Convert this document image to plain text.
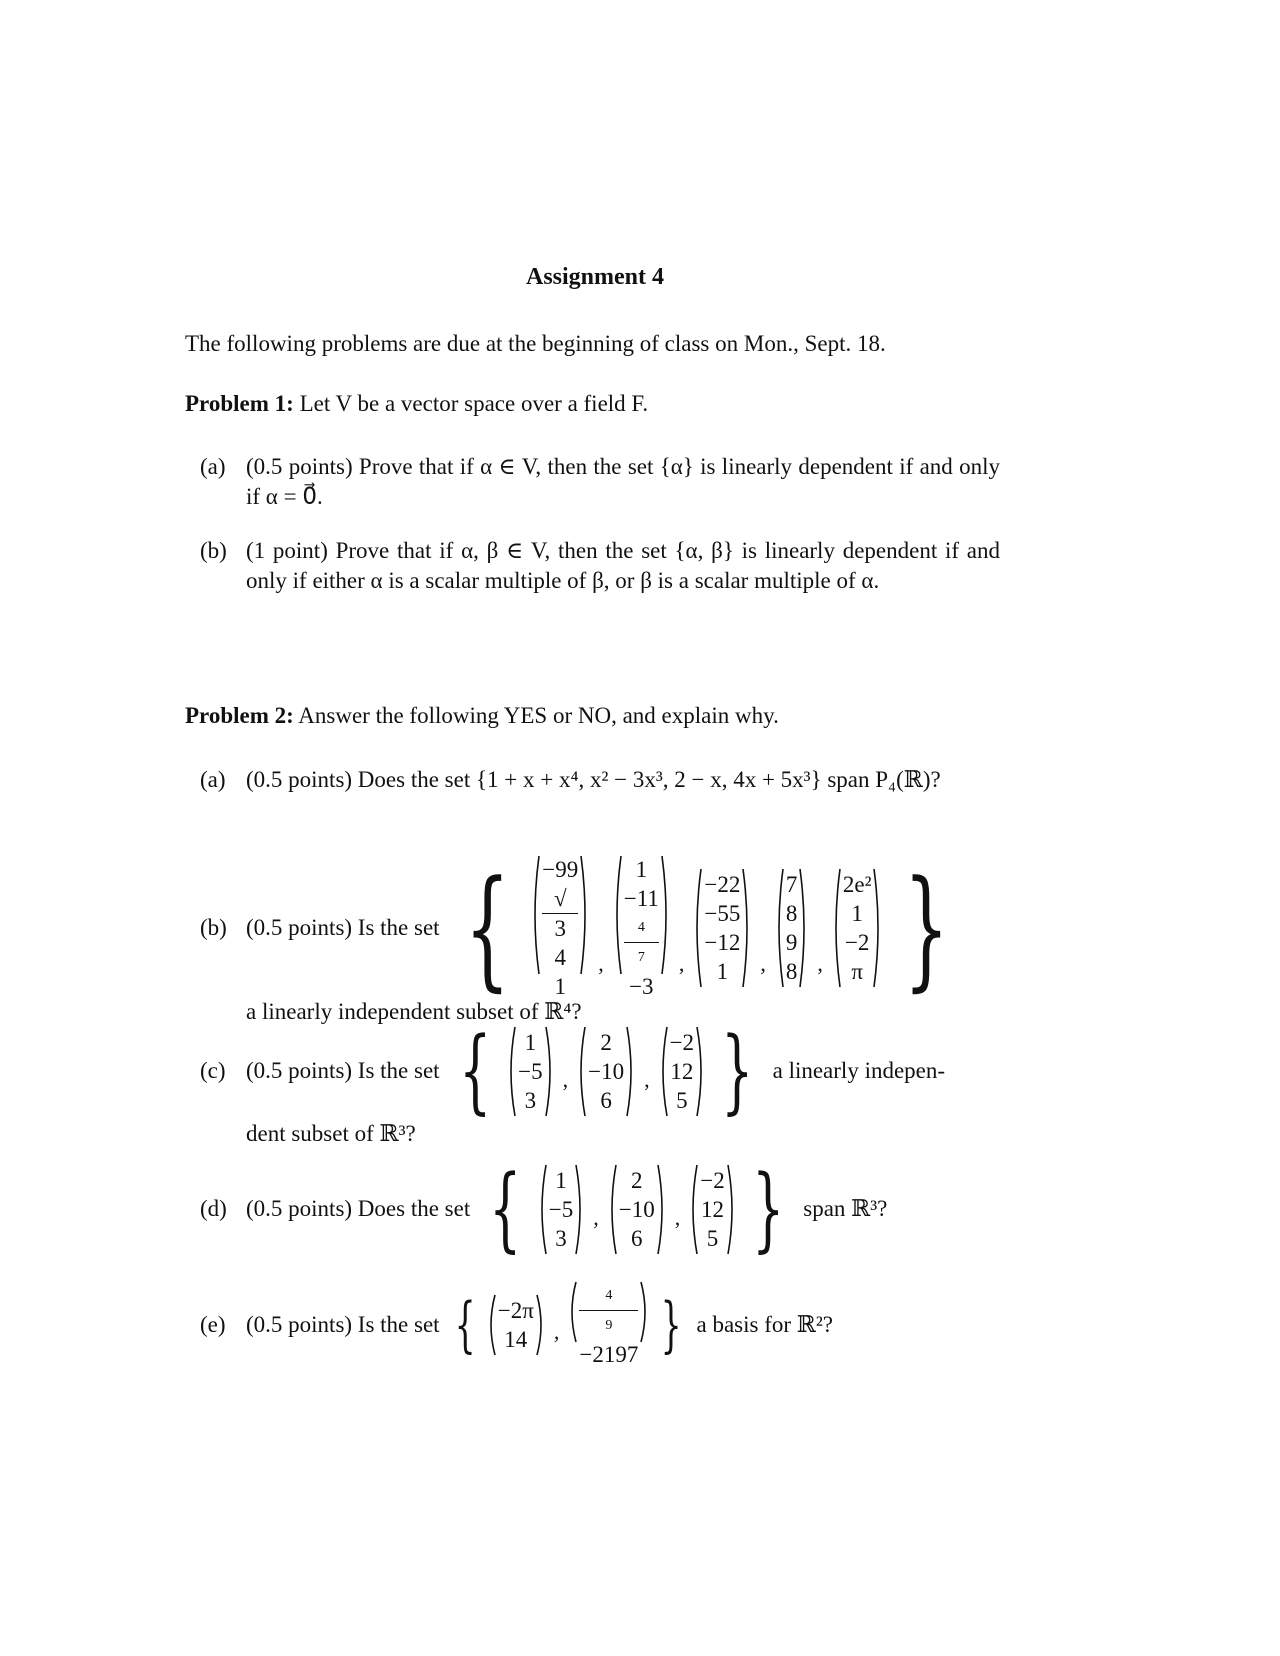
Assignment 4
The following problems are due at the beginning of class on Mon., Sept. 18.
Problem 1: Let V be a vector space over a field F.
(a) (0.5 points) Prove that if α ∈ V, then the set {α} is linearly dependent if and only if α = 0⃗.
(b) (1 point) Prove that if α, β ∈ V, then the set {α, β} is linearly dependent if and only if either α is a scalar multiple of β, or β is a scalar multiple of α.
Problem 2: Answer the following YES or NO, and explain why.
(a) (0.5 points) Does the set {1 + x + x⁴, x² − 3x³, 2 − x, 4x + 5x³} span P₄(ℝ)?
(b) (0.5 points) Is the set { −99
√
3
4
1
,
1
−11
4
7
−3
,
−22
−55
−12
1	,
7
8
9
8 ,
2e²
1
−2
π }
a linearly independent subset of ℝ⁴?
(c) (0.5 points) Is the set { 1
−5
3
,
2
−10
6
,
−2
12
5 } a linearly indepen-
dent subset of ℝ³?
(d) (0.5 points) Does the set { 1
−5
3
,
2
−10
6
,
−2
12
5 } span ℝ³?
(e) (0.5 points) Is the set { −2π
14 ,
4
9
−2197 } a basis for ℝ²?
